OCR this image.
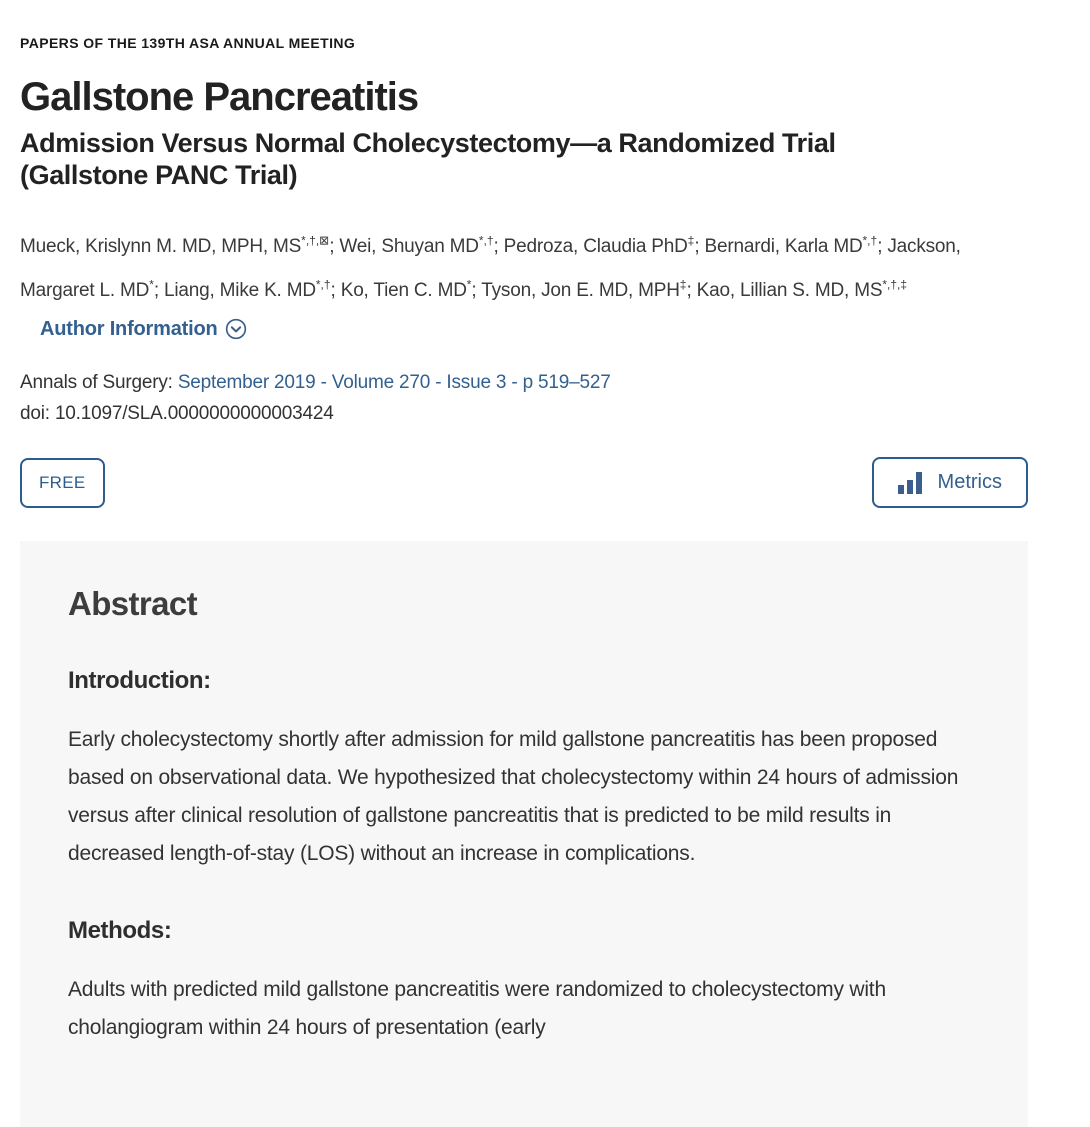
PAPERS OF THE 139TH ASA ANNUAL MEETING
Gallstone Pancreatitis
Admission Versus Normal Cholecystectomy—a Randomized Trial (Gallstone PANC Trial)

Mueck, Krislynn M. MD, MPH, MS*,†,⊠; Wei, Shuyan MD*,†; Pedroza, Claudia PhD‡; Bernardi, Karla MD*,†; Jackson, Margaret L. MD*; Liang, Mike K. MD*,†; Ko, Tien C. MD*; Tyson, Jon E. MD, MPH‡; Kao, Lillian S. MD, MS*,†,‡
Author Information

Annals of Surgery: September 2019 - Volume 270 - Issue 3 - p 519–527
doi: 10.1097/SLA.0000000000003424
FREE	Metrics
Abstract
Introduction:

Early cholecystectomy shortly after admission for mild gallstone pancreatitis has been proposed based on observational data. We hypothesized that cholecystectomy within 24 hours of admission versus after clinical resolution of gallstone pancreatitis that is predicted to be mild results in decreased length-of-stay (LOS) without an increase in complications.

Methods:

Adults with predicted mild gallstone pancreatitis were randomized to cholecystectomy with cholangiogram within 24 hours of presentation (early
